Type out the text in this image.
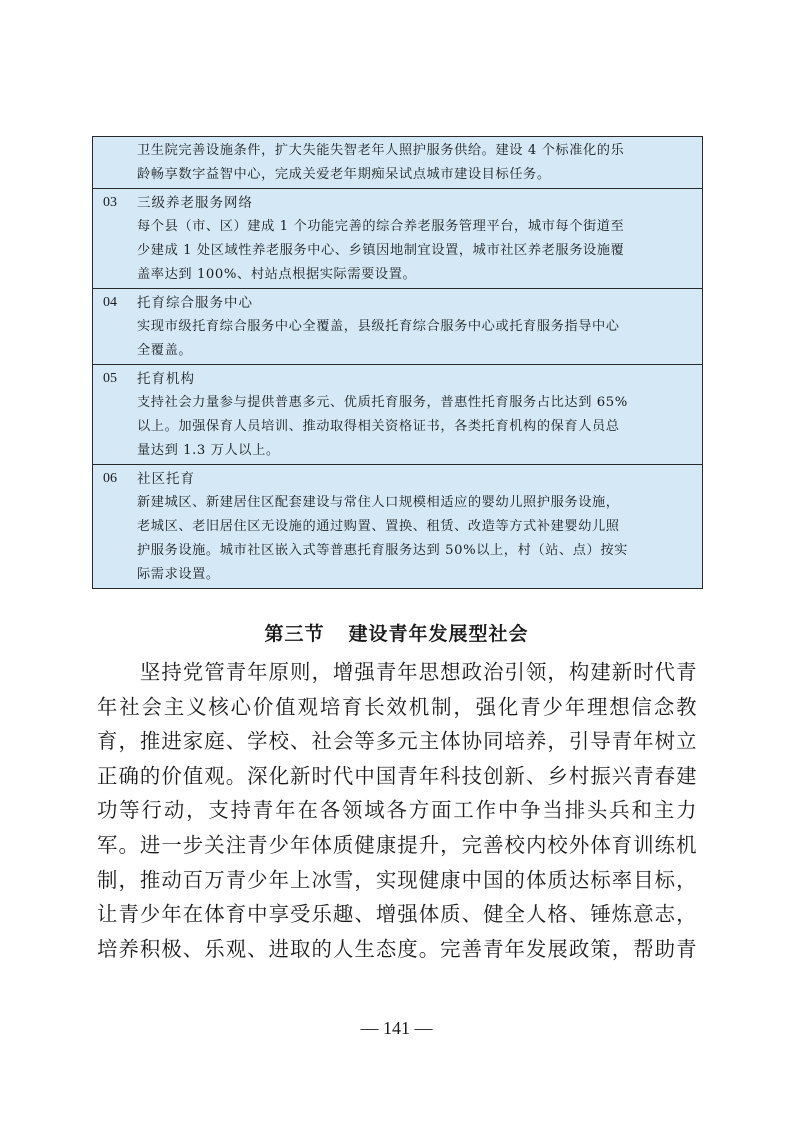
卫生院完善设施条件，扩大失能失智老年人照护服务供给。建设 4 个标准化的乐

龄畅享数字益智中心，完成关爱老年期痴呆试点城市建设目标任务。

03	三级养老服务网络

每个县（市、区）建成 1 个功能完善的综合养老服务管理平台，城市每个街道至

少建成 1 处区域性养老服务中心、乡镇因地制宜设置，城市社区养老服务设施覆

盖率达到 100%、村站点根据实际需要设置。

04	托育综合服务中心

实现市级托育综合服务中心全覆盖，县级托育综合服务中心或托育服务指导中心

全覆盖。

05	托育机构

支持社会力量参与提供普惠多元、优质托育服务，普惠性托育服务占比达到 65%

以上。加强保育人员培训、推动取得相关资格证书，各类托育机构的保育人员总

量达到 1.3 万人以上。

06	社区托育

新建城区、新建居住区配套建设与常住人口规模相适应的婴幼儿照护服务设施，

老城区、老旧居住区无设施的通过购置、置换、租赁、改造等方式补建婴幼儿照

护服务设施。城市社区嵌入式等普惠托育服务达到 50%以上，村（站、点）按实

际需求设置。

第三节 建设青年发展型社会
　　坚持党管青年原则，增强青年思想政治引领，构建新时代青
年社会主义核心价值观培育长效机制，强化青少年理想信念教
育，推进家庭、学校、社会等多元主体协同培养，引导青年树立
正确的价值观。深化新时代中国青年科技创新、乡村振兴青春建
功等行动，支持青年在各领域各方面工作中争当排头兵和主力
军。进一步关注青少年体质健康提升，完善校内校外体育训练机
制，推动百万青少年上冰雪，实现健康中国的体质达标率目标，
让青少年在体育中享受乐趣、增强体质、健全人格、锤炼意志，
培养积极、乐观、进取的人生态度。完善青年发展政策，帮助青
— 141 —
